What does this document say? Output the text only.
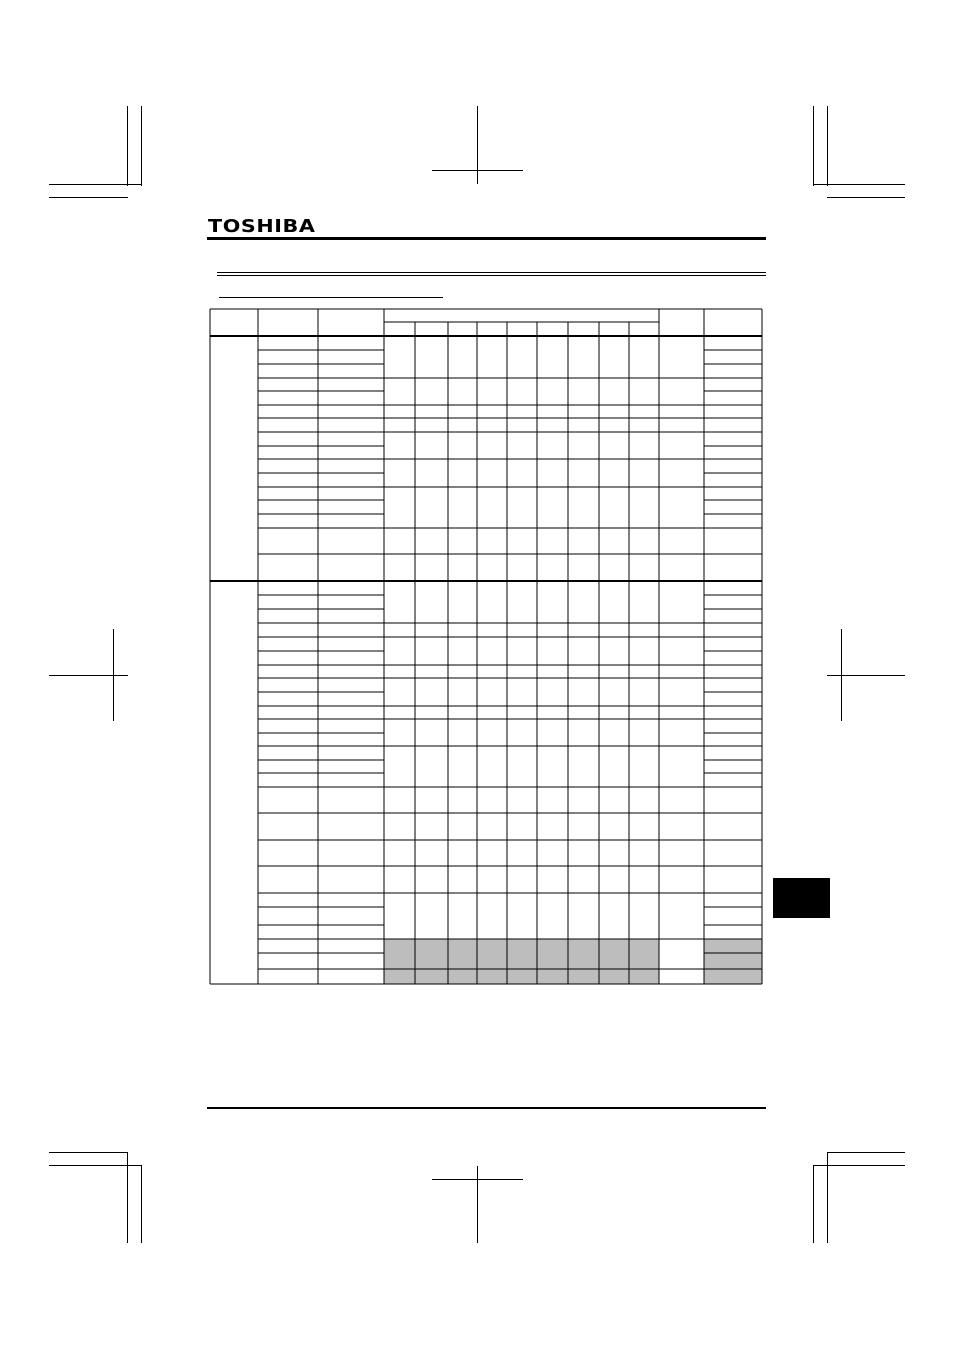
TOSHIBA
